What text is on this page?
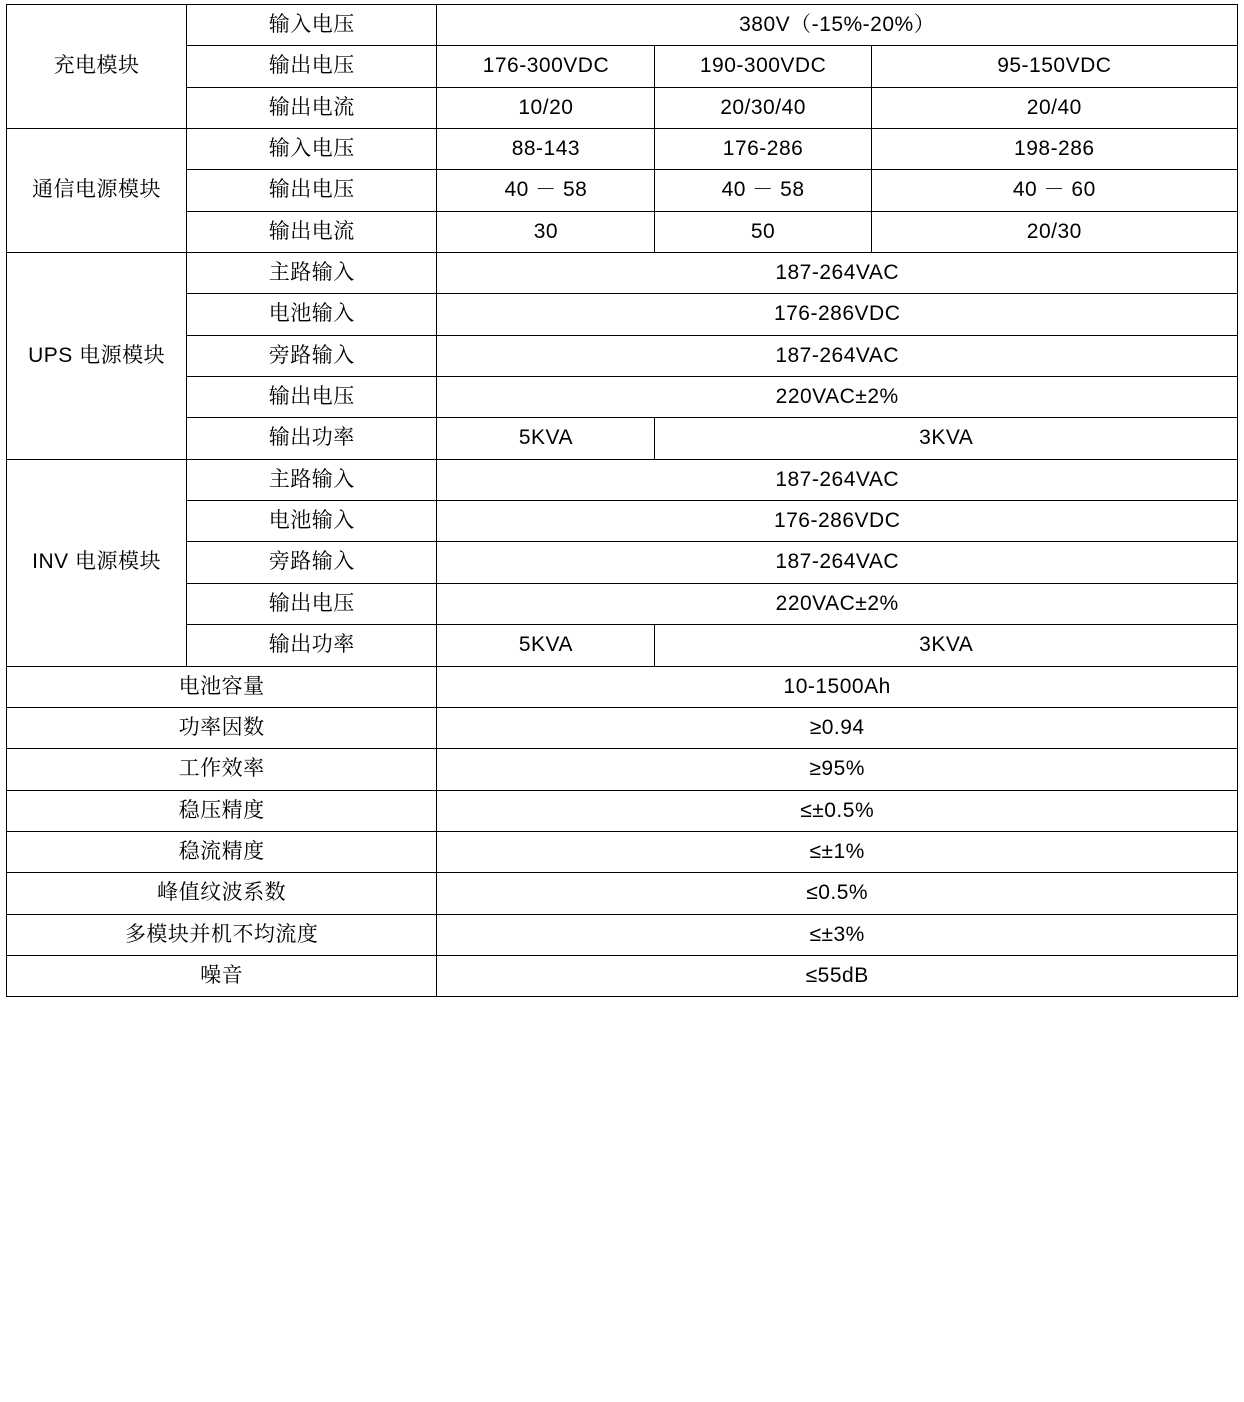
充电模块	输入电压	380V（-15%-20%）		
	输出电压	176-300VDC	190-300VDC	95-150VDC
	输出电流	10/20	20/30/40	20/40
通信电源模块	输入电压	88-143	176-286	198-286
	输出电压	40 － 58	40 － 58	40 － 60
	输出电流	30	50	20/30
UPS 电源模块	主路输入	187-264VAC		
	电池输入	176-286VDC		
	旁路输入	187-264VAC		
	输出电压	220VAC±2%		
	输出功率	5KVA	3KVA	
INV 电源模块	主路输入	187-264VAC		
	电池输入	176-286VDC		
	旁路输入	187-264VAC		
	输出电压	220VAC±2%		
	输出功率	5KVA	3KVA	
电池容量		10-1500Ah		
功率因数		≥0.94		
工作效率		≥95%		
稳压精度		≤±0.5%		
稳流精度		≤±1%		
峰值纹波系数		≤0.5%		
多模块并机不均流度		≤±3%		
噪音		≤55dB		
